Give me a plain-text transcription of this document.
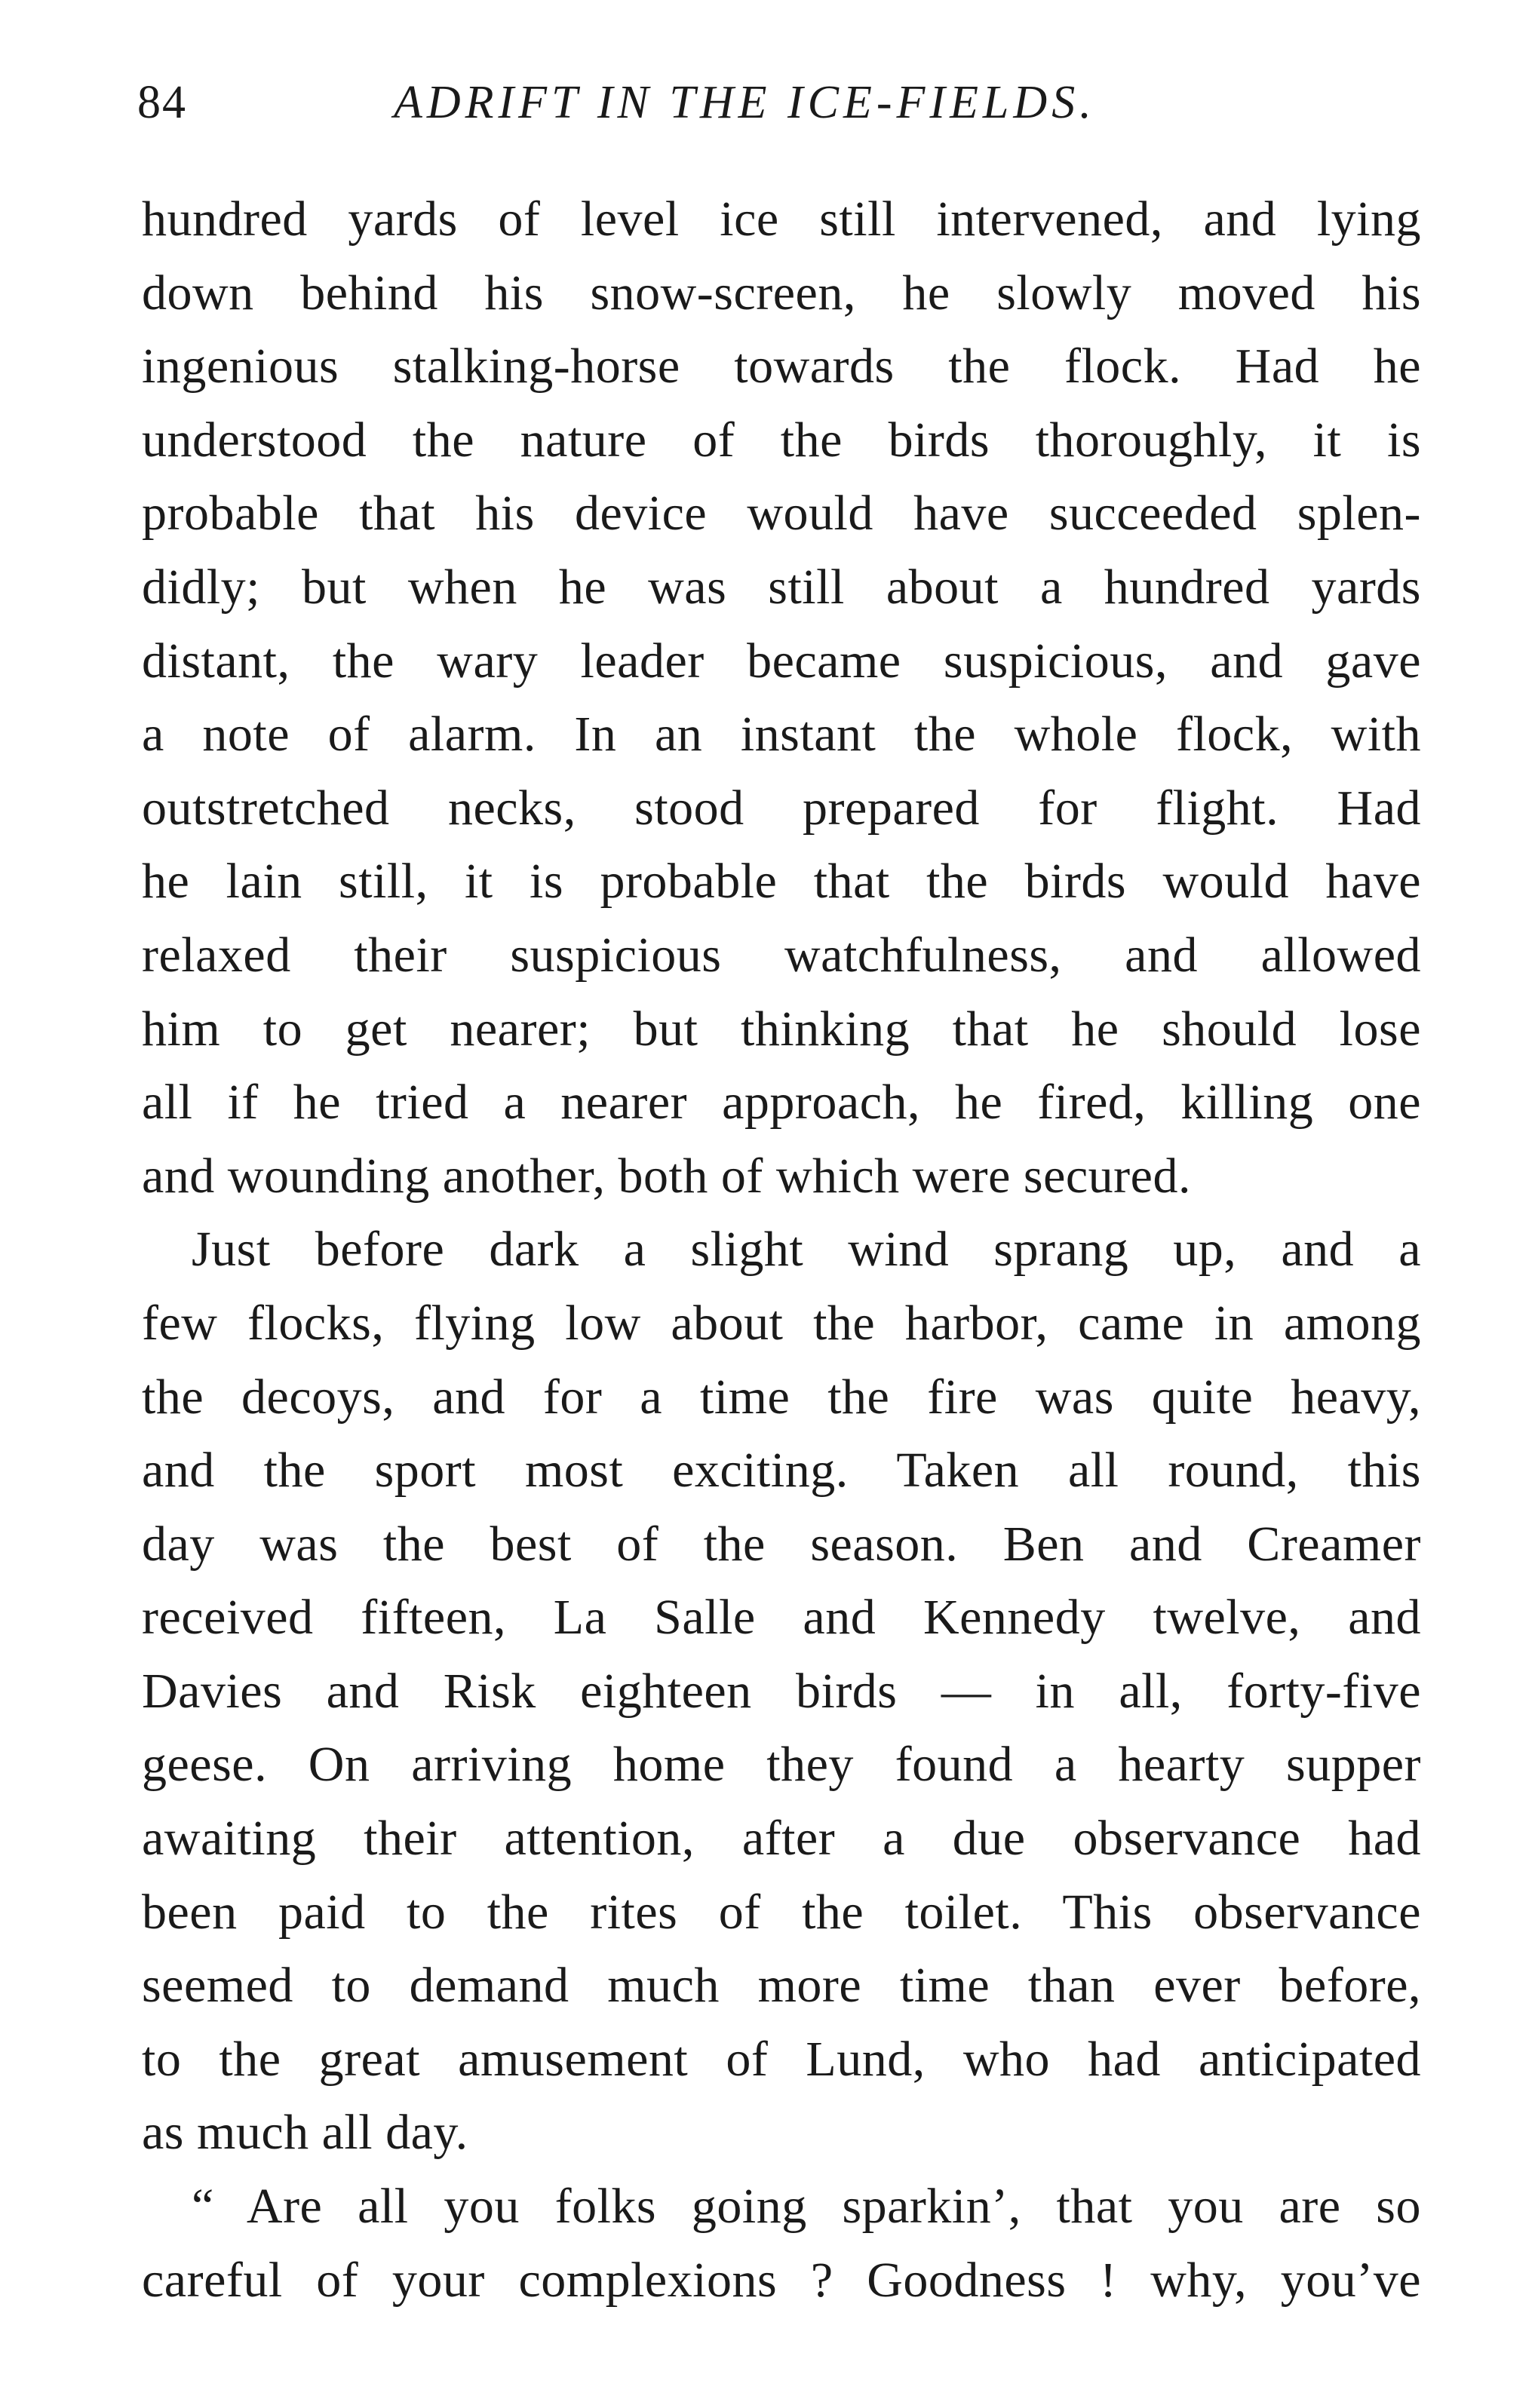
84	ADRIFT IN THE ICE-FIELDS.
hundred yards of level ice still intervened, and lying
down behind his snow-screen, he slowly moved his
ingenious stalking-horse towards the flock. Had he
understood the nature of the birds thoroughly, it is
probable that his device would have succeeded splen-
didly; but when he was still about a hundred yards
distant, the wary leader became suspicious, and gave
a note of alarm. In an instant the whole flock, with
outstretched necks, stood prepared for flight. Had
he lain still, it is probable that the birds would have
relaxed their suspicious watchfulness, and allowed
him to get nearer; but thinking that he should lose
all if he tried a nearer approach, he fired, killing one
and wounding another, both of which were secured.
Just before dark a slight wind sprang up, and a
few flocks, flying low about the harbor, came in among
the decoys, and for a time the fire was quite heavy,
and the sport most exciting. Taken all round, this
day was the best of the season. Ben and Creamer
received fifteen, La Salle and Kennedy twelve, and
Davies and Risk eighteen birds — in all, forty-five
geese. On arriving home they found a hearty supper
awaiting their attention, after a due observance had
been paid to the rites of the toilet. This observance
seemed to demand much more time than ever before,
to the great amusement of Lund, who had anticipated
as much all day.
“ Are all you folks going sparkin’, that you are so
careful of your complexions ? Goodness ! why, you’ve
